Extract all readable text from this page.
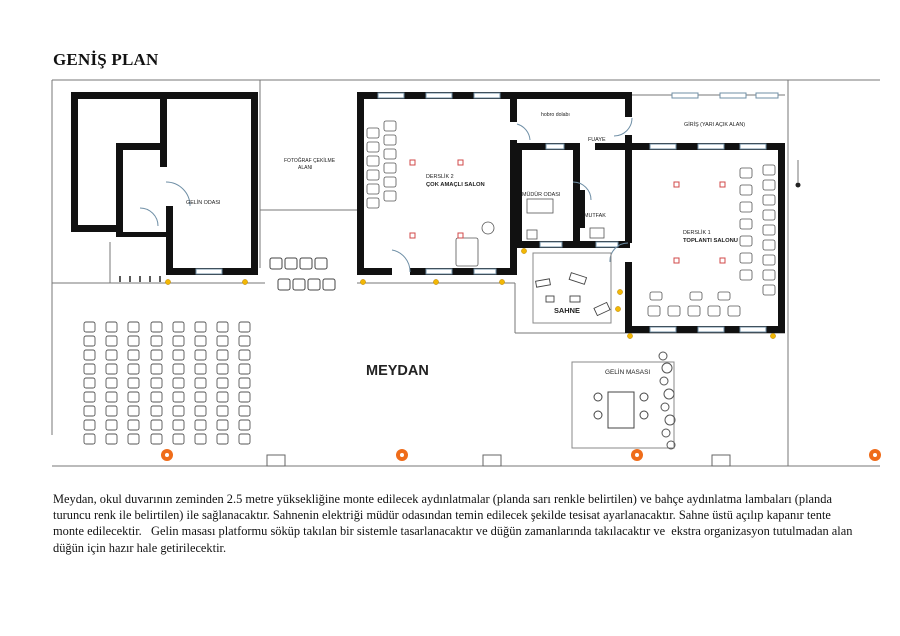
GENİŞ PLAN
GELİN ODASI
FOTOĞRAF ÇEKİLME
ALANI
DERSLİK 2
ÇOK AMAÇLI SALON
hobro dolabı
FUAYE
GİRİŞ (YARI AÇIK ALAN)
MÜDÜR ODASI
MUTFAK
DERSLİK 1
TOPLANTI SALONU
SAHNE
MEYDAN	GELİN MASASI

Meydan, okul duvarının zeminden 2.5 metre yüksekliğine monte edilecek aydınlatmalar (planda sarı renkle belirtilen) ve bahçe aydınlatma lambaları (planda turuncu renk ile belirtilen) ile sağlanacaktır. Sahnenin elektriği müdür odasından temin edilecek şekilde tesisat ayarlanacaktır. Sahne üstü açılıp kapanır tente monte edilecektir.   Gelin masası platformu söküp takılan bir sistemle tasarlanacaktır ve düğün zamanlarında takılacaktır ve  ekstra organizasyon tutulmadan alan düğün için hazır hale getirilecektir.
